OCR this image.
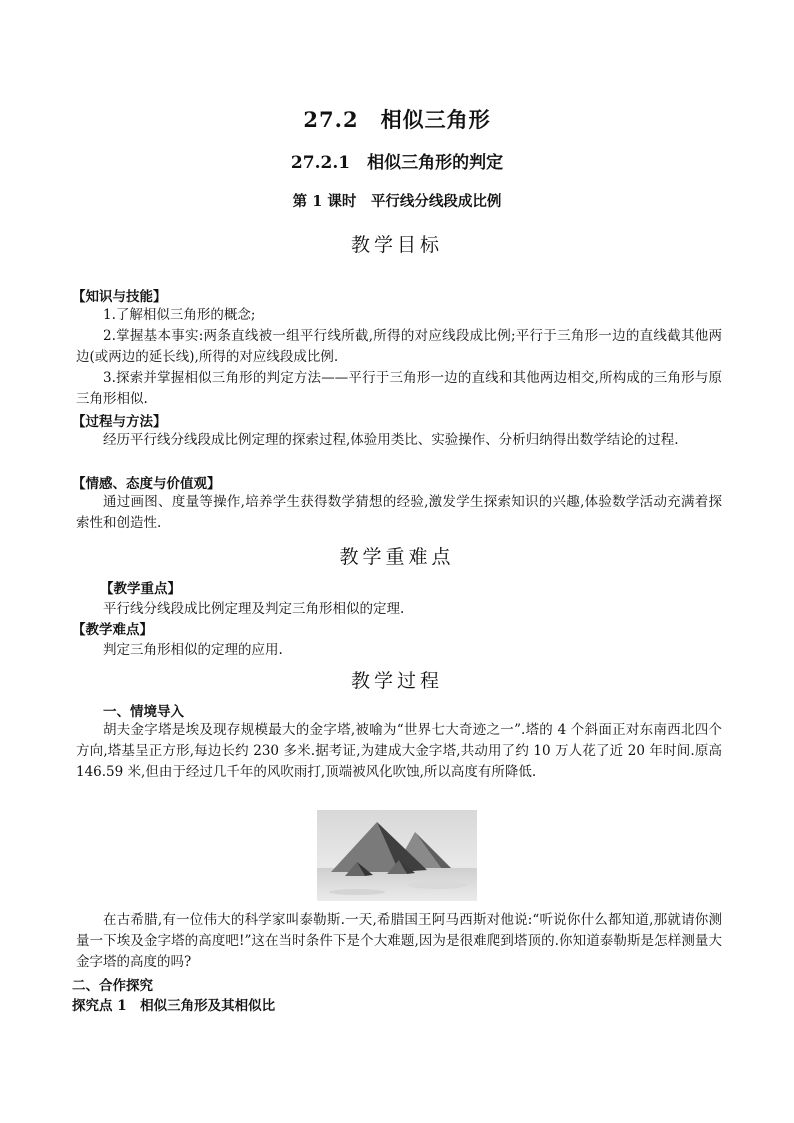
27.2　相似三角形
27.2.1　相似三角形的判定
第 1 课时　平行线分线段成比例
教学目标
【知识与技能】
1.了解相似三角形的概念;
2.掌握基本事实:两条直线被一组平行线所截,所得的对应线段成比例;平行于三角形一边的直线截其他两边(或两边的延长线),所得的对应线段成比例.
3.探索并掌握相似三角形的判定方法——平行于三角形一边的直线和其他两边相交,所构成的三角形与原三角形相似.
【过程与方法】
经历平行线分线段成比例定理的探索过程,体验用类比、实验操作、分析归纳得出数学结论的过程.
【情感、态度与价值观】
通过画图、度量等操作,培养学生获得数学猜想的经验,激发学生探索知识的兴趣,体验数学活动充满着探索性和创造性.
教学重难点
【教学重点】
平行线分线段成比例定理及判定三角形相似的定理.
【教学难点】
判定三角形相似的定理的应用.
教学过程
一、情境导入
胡夫金字塔是埃及现存规模最大的金字塔,被喻为“世界七大奇迹之一”.塔的 4 个斜面正对东南西北四个方向,塔基呈正方形,每边长约 230 多米.据考证,为建成大金字塔,共动用了约 10 万人花了近 20 年时间.原高 146.59 米,但由于经过几千年的风吹雨打,顶端被风化吹蚀,所以高度有所降低.
在古希腊,有一位伟大的科学家叫泰勒斯.一天,希腊国王阿马西斯对他说:“听说你什么都知道,那就请你测量一下埃及金字塔的高度吧!”这在当时条件下是个大难题,因为是很难爬到塔顶的.你知道泰勒斯是怎样测量大金字塔的高度的吗?
二、合作探究
探究点 1　相似三角形及其相似比
